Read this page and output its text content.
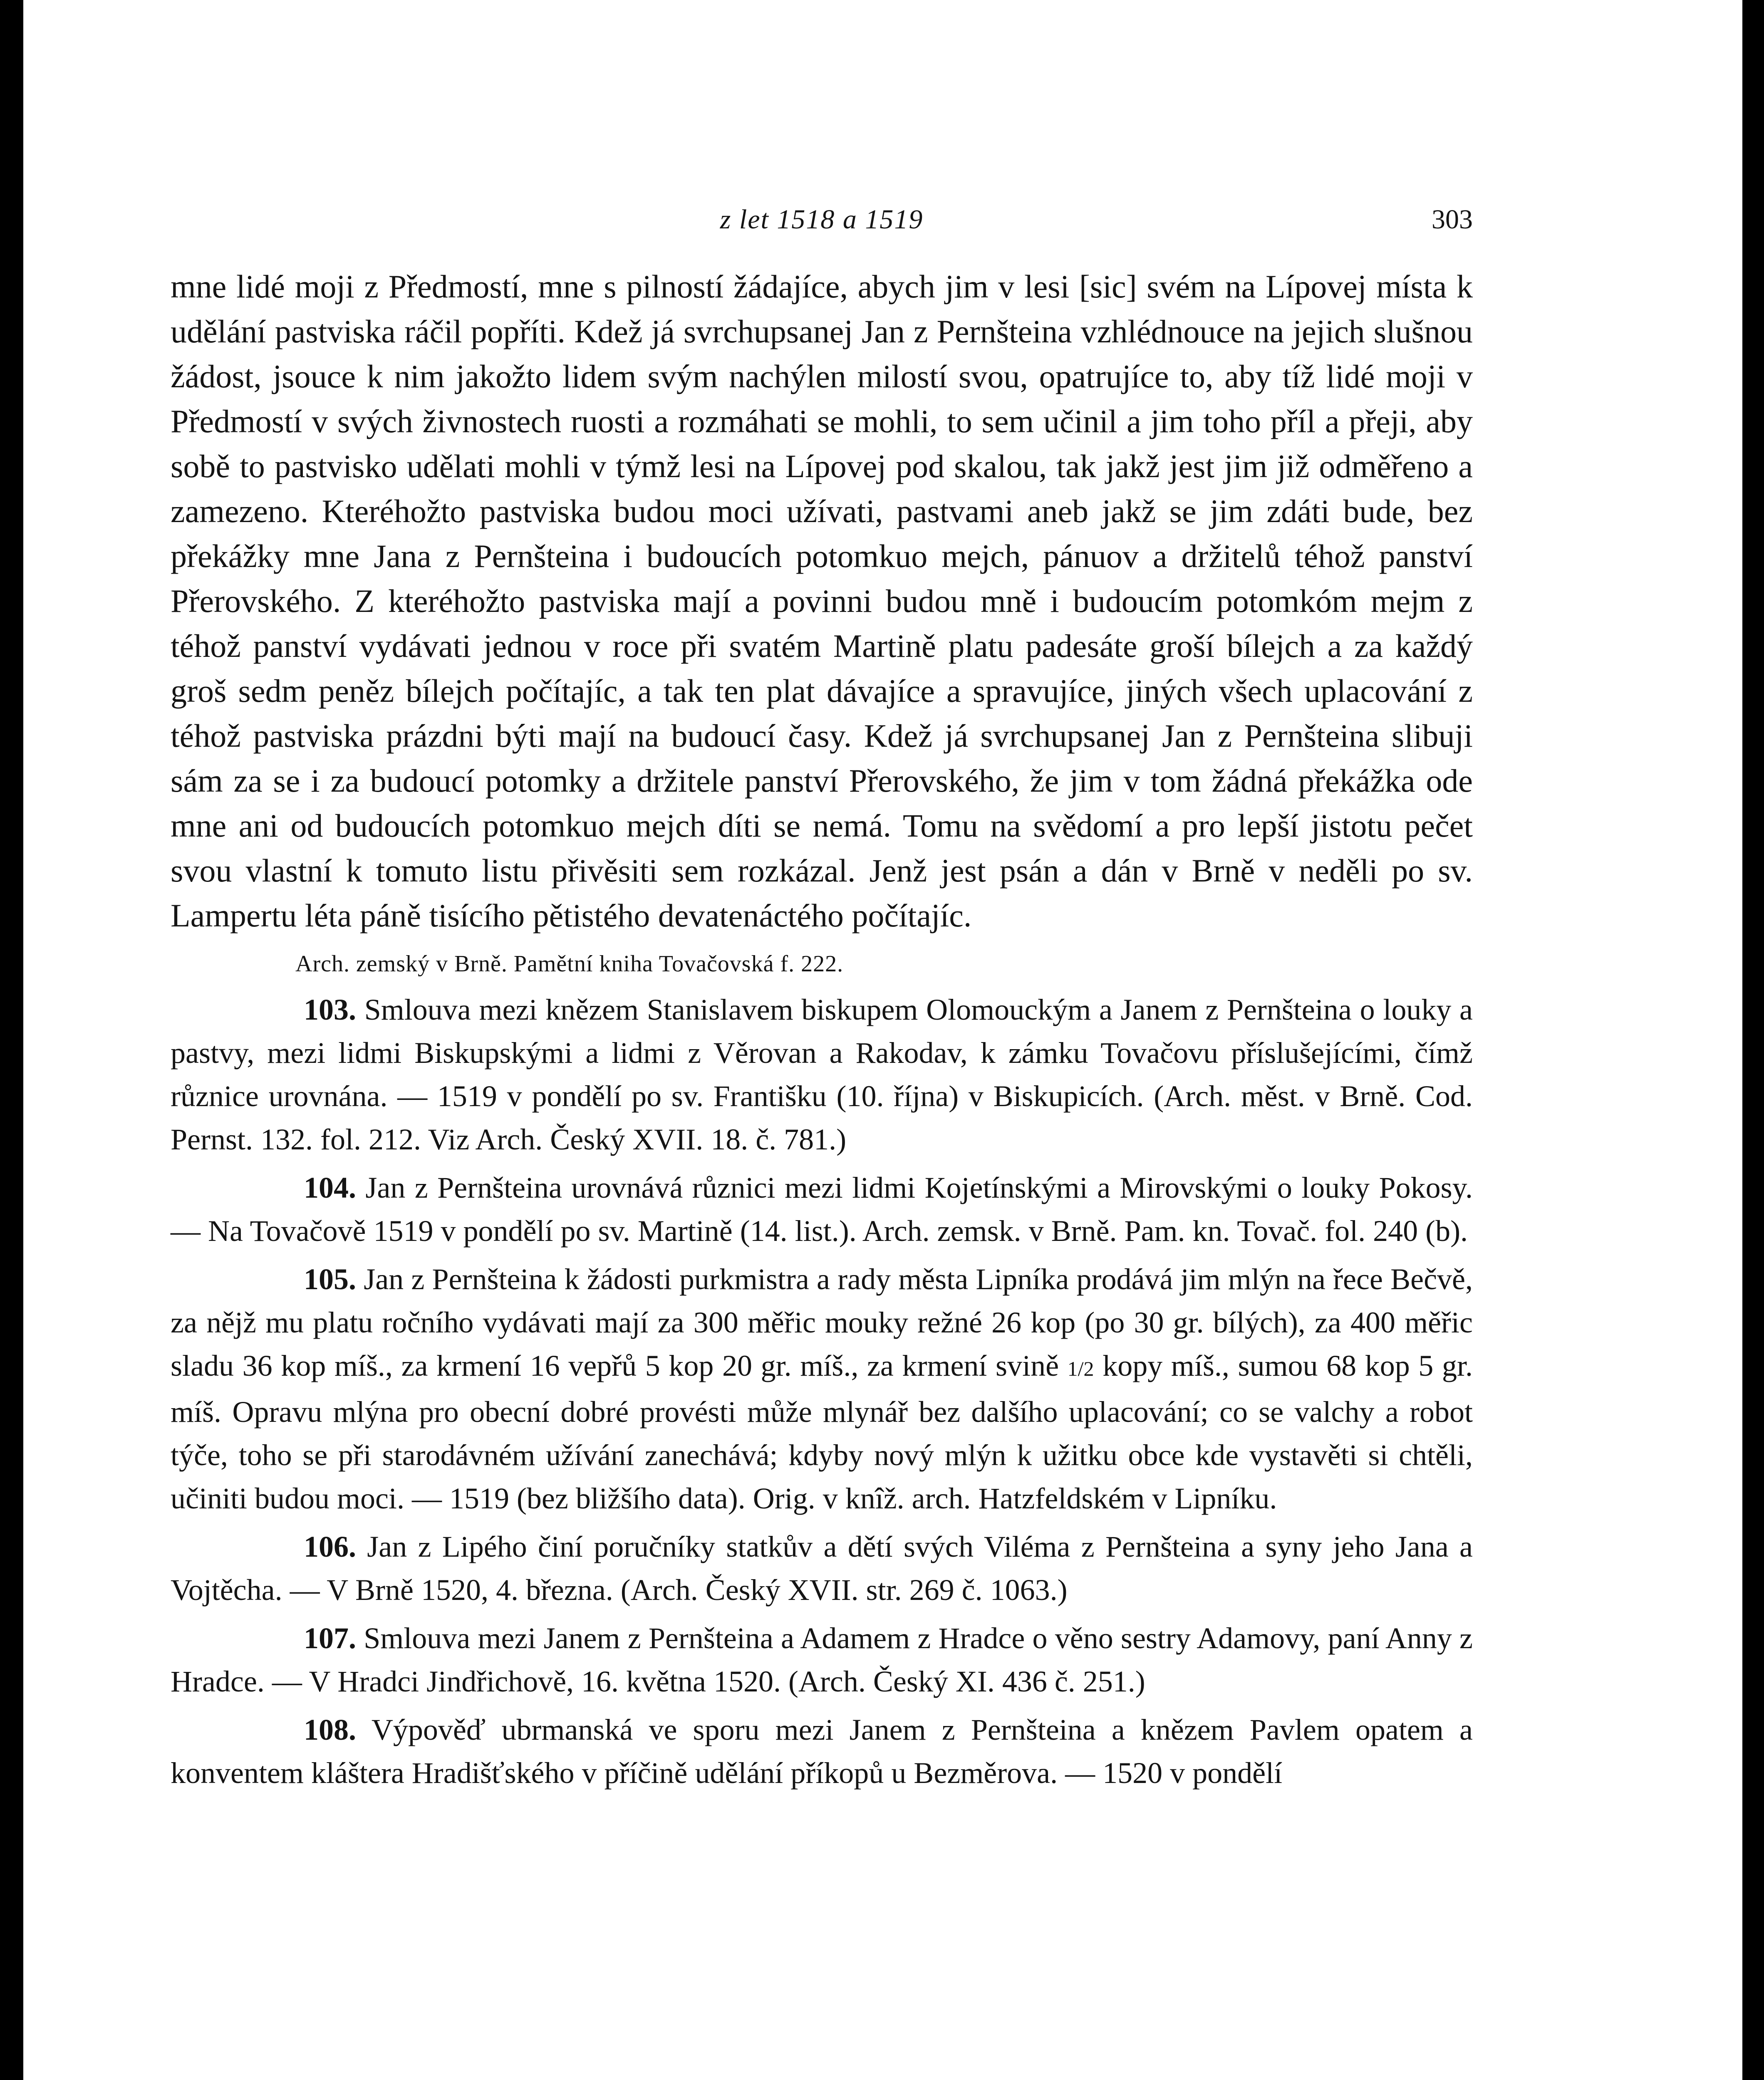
z let 1518 a 1519	303

mne lidé moji z Předmostí, mne s pilností žádajíce, abych jim v lesi [sic] svém na Lípovej místa k udělání pastviska ráčil popříti. Kdež já svrchupsanej Jan z Pernšteina vzhlédnouce na jejich slušnou žádost, jsouce k nim jakožto lidem svým nachýlen milostí svou, opatrujíce to, aby tíž lidé moji v Předmostí v svých živnostech ruosti a rozmáhati se mohli, to sem učinil a jim toho příl a přeji, aby sobě to pastvisko udělati mohli v týmž lesi na Lípovej pod skalou, tak jakž jest jim již odměřeno a zamezeno. Kteréhožto pastviska budou moci užívati, pastvami aneb jakž se jim zdáti bude, bez překážky mne Jana z Pernšteina i budoucích potomkuo mejch, pánuov a držitelů téhož panství Přerovského. Z kteréhožto pastviska mají a povinni budou mně i budoucím potomkóm mejm z téhož panství vydávati jednou v roce při svatém Martině platu padesáte groší bílejch a za každý groš sedm peněz bílejch počítajíc, a tak ten plat dávajíce a spravujíce, jiných všech uplacování z téhož pastviska prázdni býti mají na budoucí časy. Kdež já svrchupsanej Jan z Pernšteina slibuji sám za se i za budoucí potomky a držitele panství Přerovského, že jim v tom žádná překážka ode mne ani od budoucích potomkuo mejch díti se nemá. Tomu na svědomí a pro lepší jistotu pečet svou vlastní k tomuto listu přivěsiti sem rozkázal. Jenž jest psán a dán v Brně v neděli po sv. Lampertu léta páně tisícího pětistého devatenáctého počítajíc.

Arch. zemský v Brně. Pamětní kniha Tovačovská f. 222.

103. Smlouva mezi knězem Stanislavem biskupem Olomouckým a Janem z Pernšteina o louky a pastvy, mezi lidmi Biskupskými a lidmi z Věrovan a Rakodav, k zámku Tovačovu příslušejícími, čímž různice urovnána. — 1519 v pondělí po sv. Františku (10. října) v Biskupicích. (Arch. měst. v Brně. Cod. Pernst. 132. fol. 212. Viz Arch. Český XVII. 18. č. 781.)

104. Jan z Pernšteina urovnává různici mezi lidmi Kojetínskými a Mirovskými o louky Pokosy. — Na Tovačově 1519 v pondělí po sv. Martině (14. list.). Arch. zemsk. v Brně. Pam. kn. Tovač. fol. 240 (b).

105. Jan z Pernšteina k žádosti purkmistra a rady města Lipníka prodává jim mlýn na řece Bečvě, za nějž mu platu ročního vydávati mají za 300 měřic mouky režné 26 kop (po 30 gr. bílých), za 400 měřic sladu 36 kop míš., za krmení 16 vepřů 5 kop 20 gr. míš., za krmení svině 1/2 kopy míš., sumou 68 kop 5 gr. míš. Opravu mlýna pro obecní dobré provésti může mlynář bez dalšího uplacování; co se valchy a robot týče, toho se při starodávném užívání zanechává; kdyby nový mlýn k užitku obce kde vystavěti si chtěli, učiniti budou moci. — 1519 (bez bližšího data). Orig. v knîž. arch. Hatzfeldském v Lipníku.

106. Jan z Lipého činí poručníky statkův a dětí svých Viléma z Pernšteina a syny jeho Jana a Vojtěcha. — V Brně 1520, 4. března. (Arch. Český XVII. str. 269 č. 1063.)

107. Smlouva mezi Janem z Pernšteina a Adamem z Hradce o věno sestry Adamovy, paní Anny z Hradce. — V Hradci Jindřichově, 16. května 1520. (Arch. Český XI. 436 č. 251.)

108. Výpověď ubrmanská ve sporu mezi Janem z Pernšteina a knězem Pavlem opatem a konventem kláštera Hradišťského v příčině udělání příkopů u Bezměrova. — 1520 v pondělí
